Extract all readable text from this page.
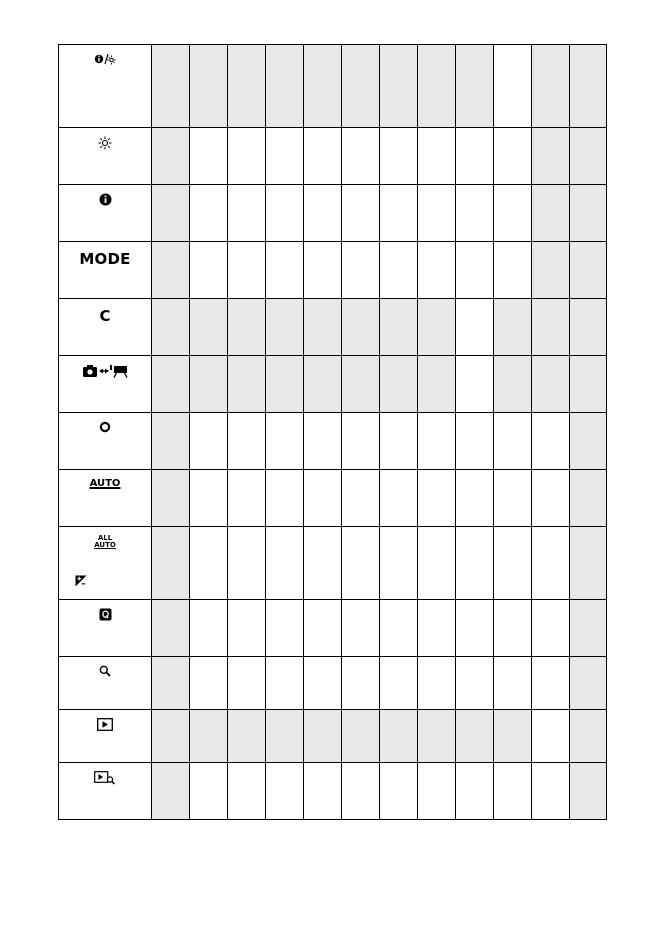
MODE												

C												

AUTO												

ALL
AUTO												
